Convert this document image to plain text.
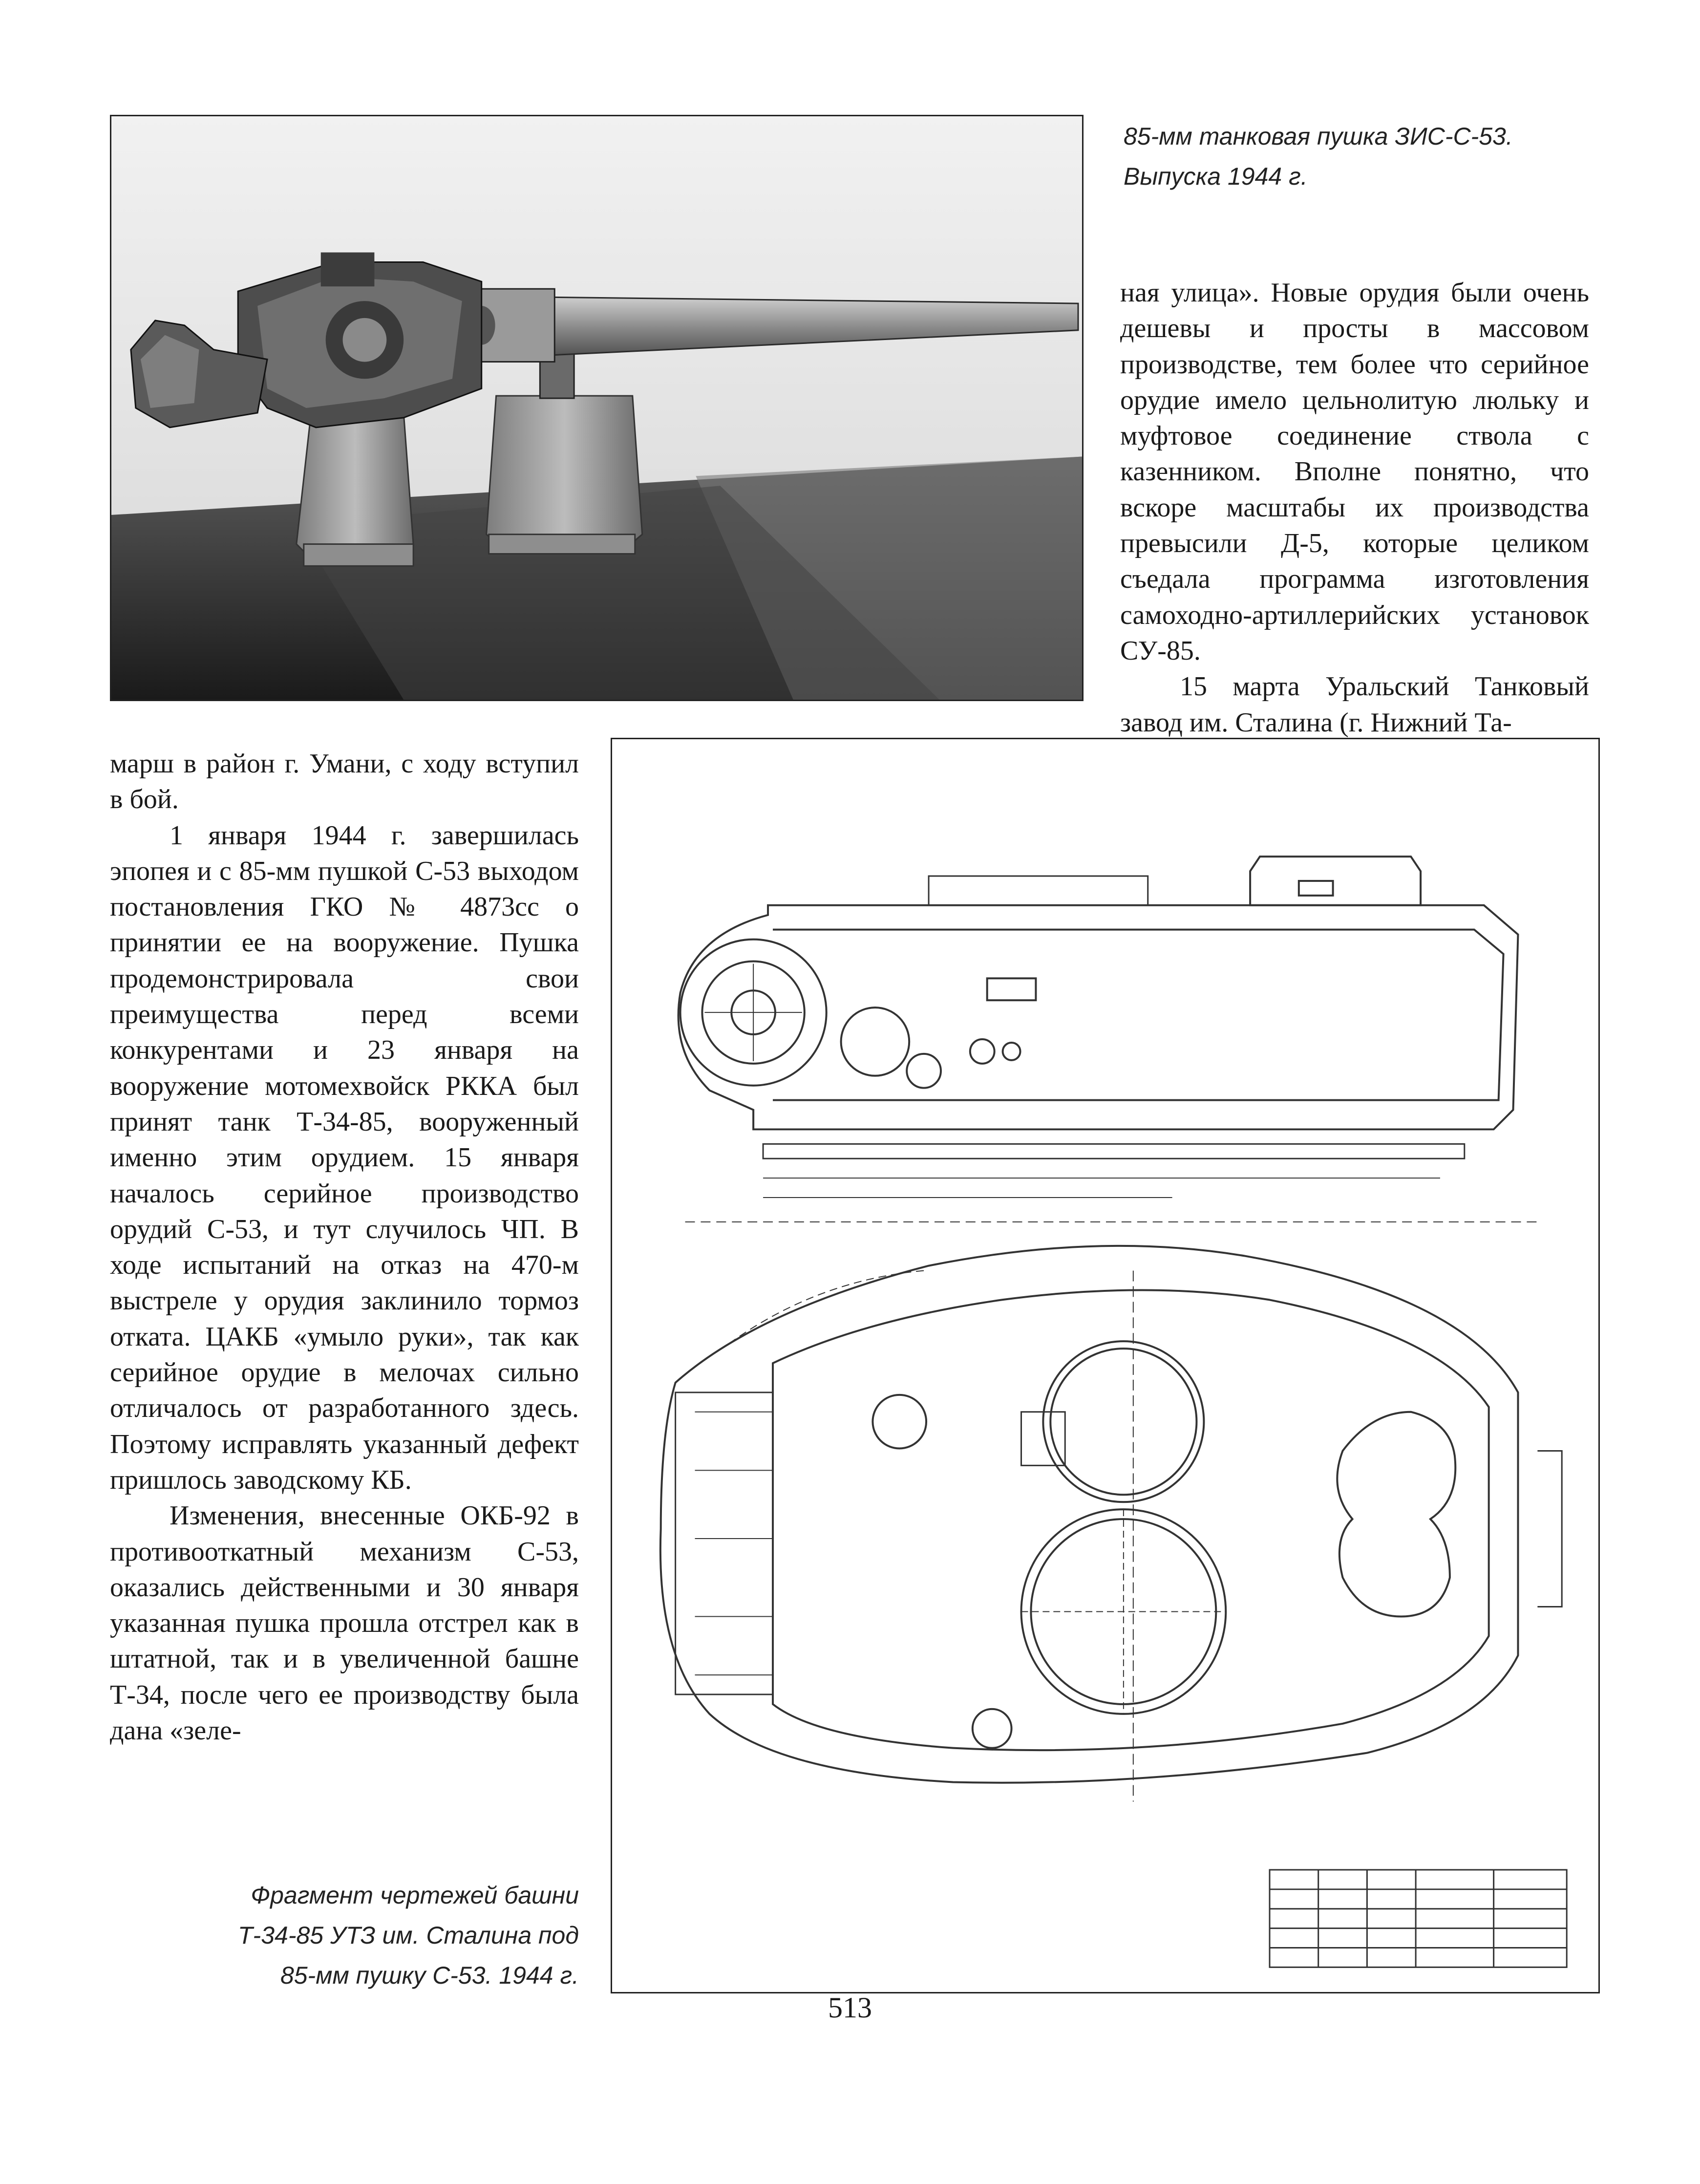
85-мм танковая пушка ЗИС-С-53.
Выпуска 1944 г.

ная улица». Новые орудия были очень дешевы и просты в массовом производстве, тем более что серийное орудие имело цельнолитую люльку и муфтовое соединение ствола с казенником. Вполне понятно, что вскоре масштабы их производства превысили Д-5, которые целиком съедала программа изготовления самоходно-артиллерийских установок СУ-85.

15 марта Уральский Танковый завод им. Сталина (г. Нижний Та-

марш в район г. Умани, с ходу вступил в бой.

1 января 1944 г. завершилась эпопея и с 85-мм пушкой С-53 выходом постановления ГКО № 4873сс о принятии ее на вооружение. Пушка продемонстрировала свои преимущества перед всеми конкурентами и 23 января на вооружение мотомехвойск РККА был принят танк Т-34-85, вооруженный именно этим орудием. 15 января началось серийное производство орудий С-53, и тут случилось ЧП. В ходе испытаний на отказ на 470-м выстреле у орудия заклинило тормоз отката. ЦАКБ «умыло руки», так как серийное орудие в мелочах сильно отличалось от разработанного здесь. Поэтому исправлять указанный дефект пришлось заводскому КБ.

Изменения, внесенные ОКБ-92 в противооткатный механизм С-53, оказались действенными и 30 января указанная пушка прошла отстрел как в штатной, так и в увеличенной башне Т-34, после чего ее производству была дана «зеле-

Фрагмент чертежей башни
Т-34-85 УТЗ им. Сталина под
85-мм пушку С-53. 1944 г.
513
